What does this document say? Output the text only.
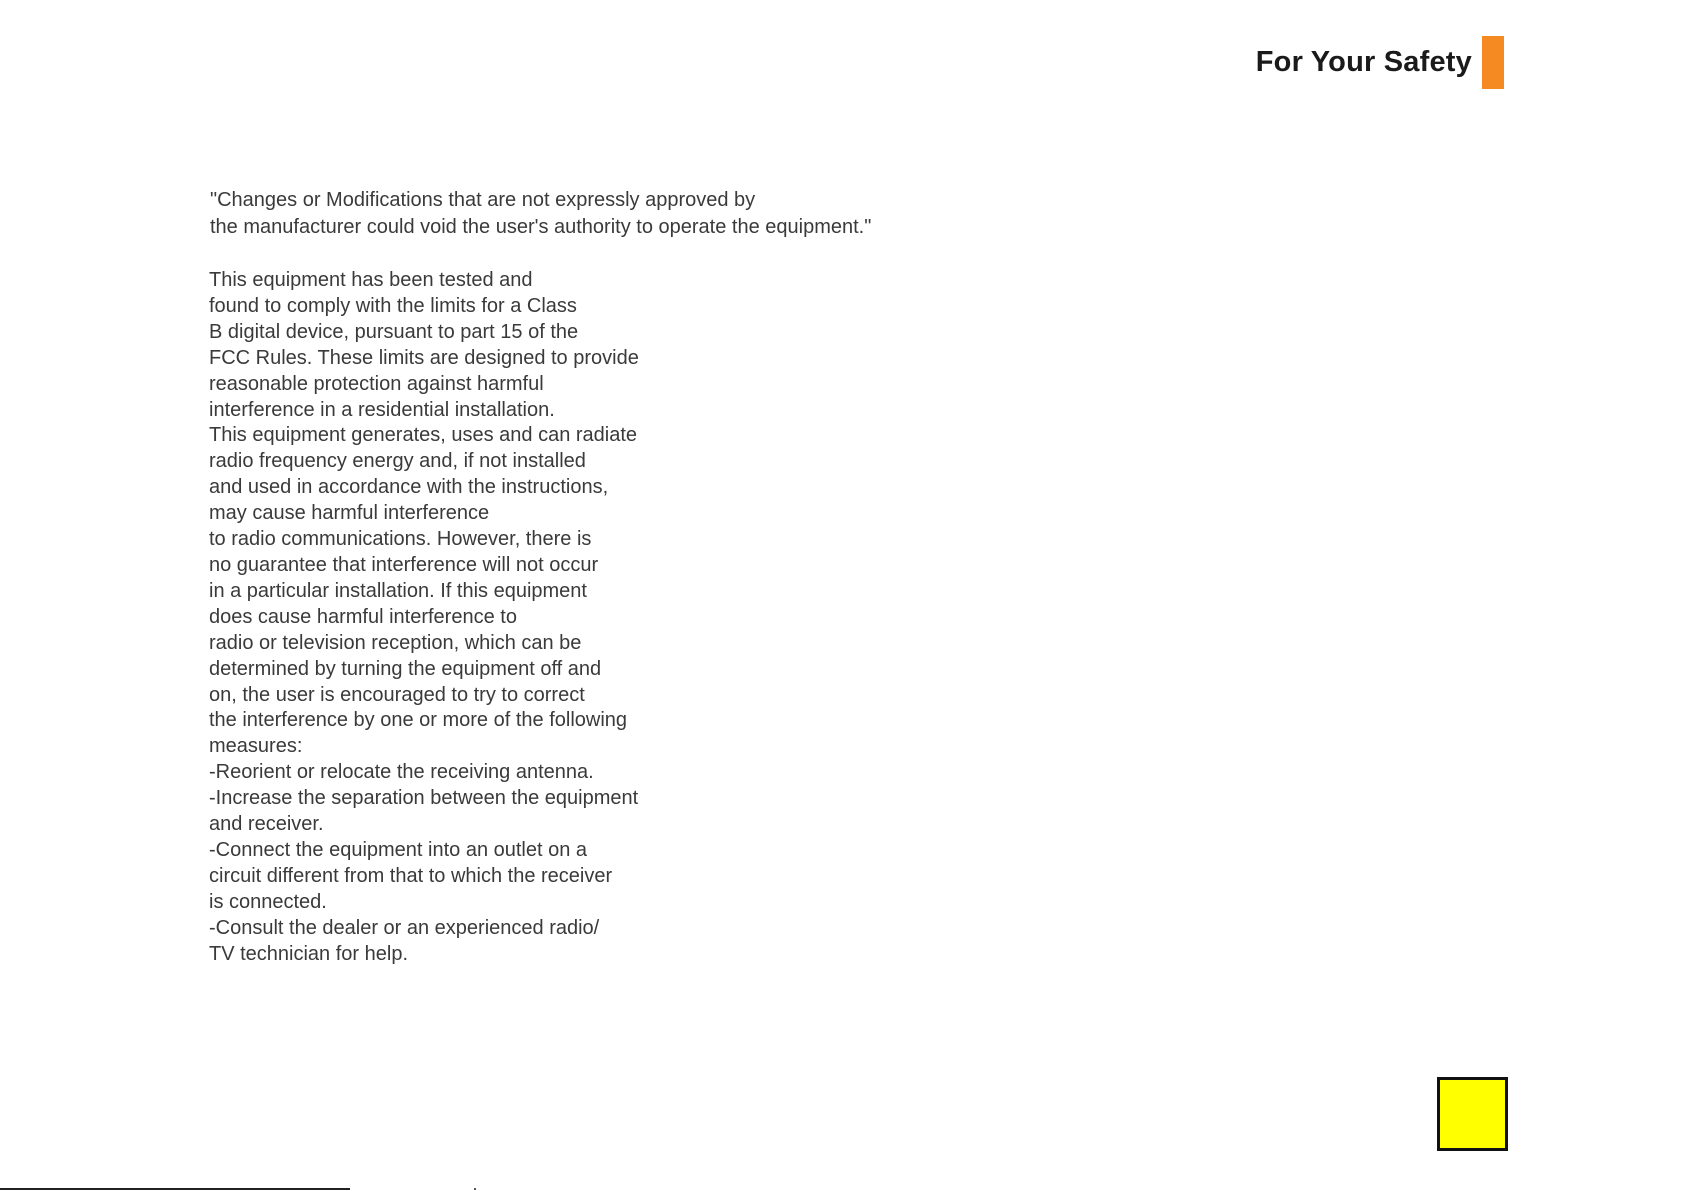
For Your Safety
"Changes or Modifications that are not expressly approved by
the manufacturer could void the user's authority to operate the equipment."
This equipment has been tested and
found to comply with the limits for a Class
B digital device, pursuant to part 15 of the
FCC Rules. These limits are designed to provide
reasonable protection against harmful
interference in a residential installation.
This equipment generates, uses and can radiate
radio frequency energy and, if not installed
and used in accordance with the instructions,
may cause harmful interference
to radio communications. However, there is
no guarantee that interference will not occur
in a particular installation. If this equipment
does cause harmful interference to
radio or television reception, which can be
determined by turning the equipment off and
on, the user is encouraged to try to correct
the interference by one or more of the following
measures:
-Reorient or relocate the receiving antenna.
-Increase the separation between the equipment
and receiver.
-Connect the equipment into an outlet on a
circuit different from that to which the receiver
is connected.
-Consult the dealer or an experienced radio/
TV technician for help.
